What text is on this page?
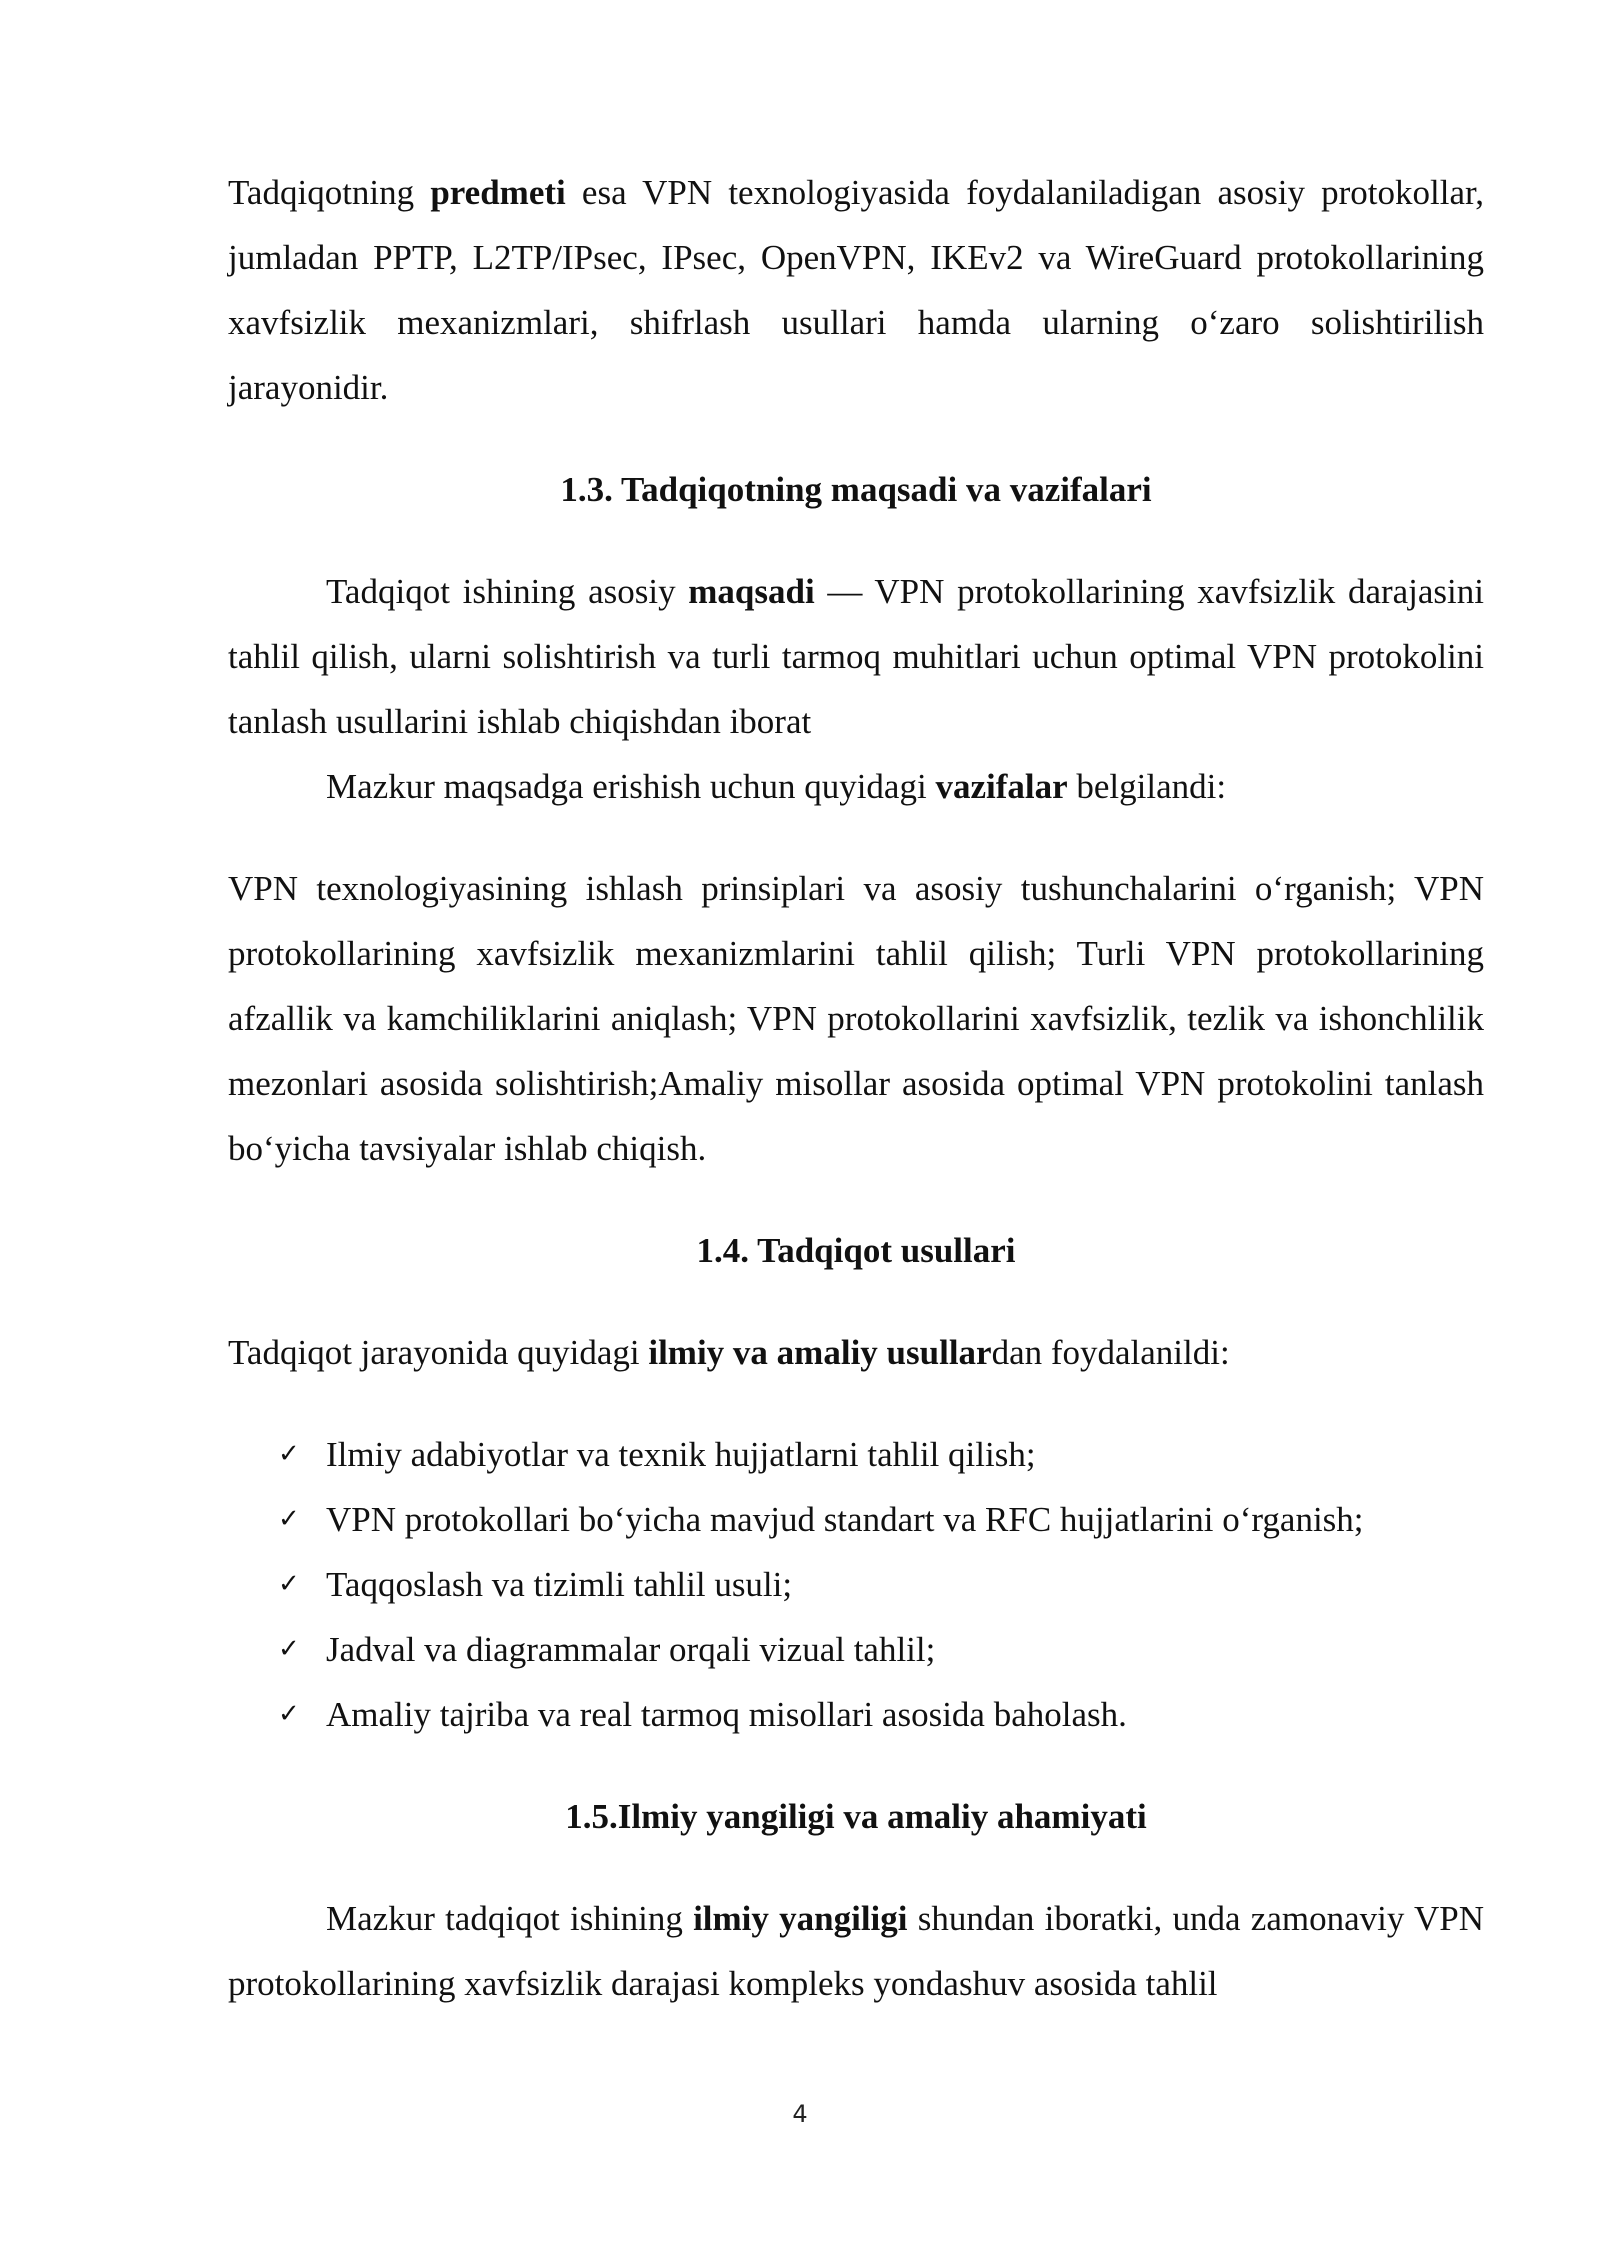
Tadqiqotning predmeti esa VPN texnologiyasida foydalaniladigan asosiy protokollar, jumladan PPTP, L2TP/IPsec, IPsec, OpenVPN, IKEv2 va WireGuard protokollarining xavfsizlik mexanizmlari, shifrlash usullari hamda ularning o‘zaro solishtirilish jarayonidir.

1.3. Tadqiqotning maqsadi va vazifalari

Tadqiqot ishining asosiy maqsadi — VPN protokollarining xavfsizlik darajasini tahlil qilish, ularni solishtirish va turli tarmoq muhitlari uchun optimal VPN protokolini tanlash usullarini ishlab chiqishdan iborat

Mazkur maqsadga erishish uchun quyidagi vazifalar belgilandi:

VPN texnologiyasining ishlash prinsiplari va asosiy tushunchalarini o‘rganish; VPN protokollarining xavfsizlik mexanizmlarini tahlil qilish; Turli VPN protokollarining afzallik va kamchiliklarini aniqlash; VPN protokollarini xavfsizlik, tezlik va ishonchlilik mezonlari asosida solishtirish;Amaliy misollar asosida optimal VPN protokolini tanlash bo‘yicha tavsiyalar ishlab chiqish.

1.4. Tadqiqot usullari

Tadqiqot jarayonida quyidagi ilmiy va amaliy usullardan foydalanildi:

✓ Ilmiy adabiyotlar va texnik hujjatlarni tahlil qilish;
✓ VPN protokollari bo‘yicha mavjud standart va RFC hujjatlarini o‘rganish;
✓ Taqqoslash va tizimli tahlil usuli;
✓ Jadval va diagrammalar orqali vizual tahlil;
✓ Amaliy tajriba va real tarmoq misollari asosida baholash.
1.5.Ilmiy yangiligi va amaliy ahamiyati

Mazkur tadqiqot ishining ilmiy yangiligi shundan iboratki, unda zamonaviy VPN protokollarining xavfsizlik darajasi kompleks yondashuv asosida tahlil

4
